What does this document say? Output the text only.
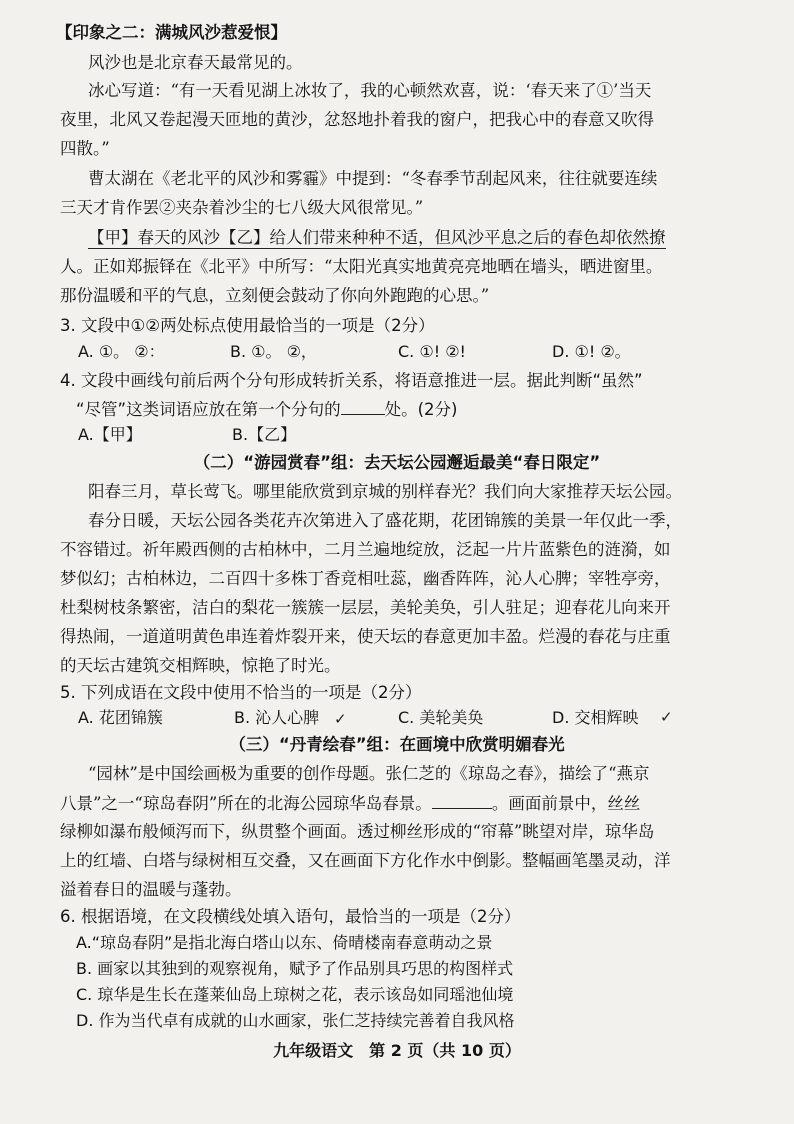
【印象之二：满城风沙惹爱恨】
风沙也是北京春天最常见的。
冰心写道：“有一天看见湖上冰妆了，我的心顿然欢喜，说：‘春天来了①’当天
夜里，北风又卷起漫天匝地的黄沙，忿怒地扑着我的窗户，把我心中的春意又吹得
四散。”
曹太湖在《老北平的风沙和雾霾》中提到：“冬春季节刮起风来，往往就要连续
三天才肯作罢②夹杂着沙尘的七八级大风很常见。”
【甲】春天的风沙【乙】给人们带来种种不适，但风沙平息之后的春色却依然撩
人。正如郑振铎在《北平》中所写：“太阳光真实地黄亮亮地晒在墙头，晒进窗里。
那份温暖和平的气息，立刻便会鼓动了你向外跑跑的心思。”
3. 文段中①②两处标点使用最恰当的一项是（2分）
A. ①。 ②：	B. ①。 ②，	C. ①! ②!	D. ①! ②。
4. 文段中画线句前后两个分句形成转折关系，将语意推进一层。据此判断“虽然”
“尽管”这类词语应放在第一个分句的	处。(2分)
A.【甲】	B.【乙】
（二）“游园赏春”组：去天坛公园邂逅最美“春日限定”
阳春三月，草长莺飞。哪里能欣赏到京城的别样春光？我们向大家推荐天坛公园。
春分日暖，天坛公园各类花卉次第进入了盛花期，花团锦簇的美景一年仅此一季，
不容错过。祈年殿西侧的古柏林中，二月兰遍地绽放，泛起一片片蓝紫色的涟漪，如
梦似幻；古柏林边，二百四十多株丁香竞相吐蕊，幽香阵阵，沁人心脾；宰牲亭旁，
杜梨树枝条繁密，洁白的梨花一簇簇一层层，美轮美奂，引人驻足；迎春花儿向来开
得热闹，一道道明黄色串连着炸裂开来，使天坛的春意更加丰盈。烂漫的春花与庄重
的天坛古建筑交相辉映，惊艳了时光。
5. 下列成语在文段中使用不恰当的一项是（2分）
A. 花团锦簇	B. 沁人心脾 ✓	C. 美轮美奂	D. 交相辉映 ✓
（三）“丹青绘春”组：在画境中欣赏明媚春光
“园林”是中国绘画极为重要的创作母题。张仁芝的《琼岛之春》，描绘了“燕京
八景”之一“琼岛春阴”所在的北海公园琼华岛春景。	。画面前景中，丝丝
绿柳如瀑布般倾泻而下，纵贯整个画面。透过柳丝形成的“帘幕”眺望对岸，琼华岛
上的红墙、白塔与绿树相互交叠，又在画面下方化作水中倒影。整幅画笔墨灵动，洋
溢着春日的温暖与蓬勃。
6. 根据语境，在文段横线处填入语句，最恰当的一项是（2分）
A.“琼岛春阴”是指北海白塔山以东、倚晴楼南春意萌动之景
B. 画家以其独到的观察视角，赋予了作品别具巧思的构图样式
C. 琼华是生长在蓬莱仙岛上琼树之花，表示该岛如同瑶池仙境
D. 作为当代卓有成就的山水画家，张仁芝持续完善着自我风格
九年级语文　第 2 页（共 10 页）
